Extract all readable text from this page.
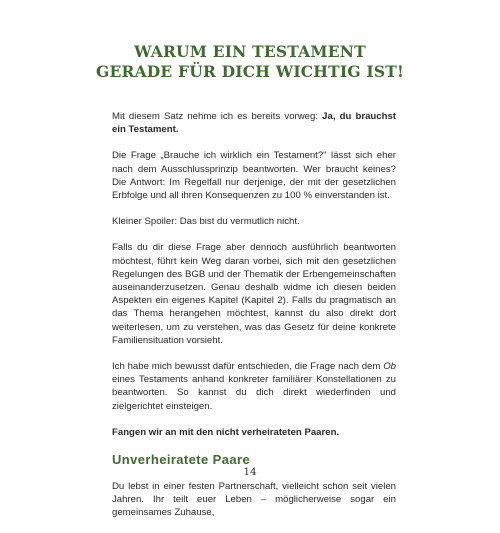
WARUM EIN TESTAMENT
GERADE FÜR DICH WICHTIG IST!

Mit diesem Satz nehme ich es bereits vorweg: Ja, du brauchst ein Testament.

Die Frage „Brauche ich wirklich ein Testament?" lässt sich eher nach dem Ausschlussprinzip beantworten. Wer braucht keines? Die Antwort: Im Regelfall nur derjenige, der mit der gesetzlichen Erbfolge und all ihren Konsequenzen zu 100 % einverstanden ist.

Kleiner Spoiler: Das bist du vermutlich nicht.

Falls du dir diese Frage aber dennoch ausführlich beantworten möchtest, führt kein Weg daran vorbei, sich mit den gesetzlichen Regelungen des BGB und der Thematik der Erbengemeinschaften auseinanderzusetzen. Genau deshalb widme ich diesen beiden Aspekten ein eigenes Kapitel (Kapitel 2). Falls du pragmatisch an das Thema herangehen möchtest, kannst du also direkt dort weiterlesen, um zu verstehen, was das Gesetz für deine konkrete Familiensituation vorsieht.

Ich habe mich bewusst dafür entschieden, die Frage nach dem Ob eines Testaments anhand konkreter familiärer Konstellationen zu beantworten. So kannst du dich direkt wiederfinden und zielgerichtet einsteigen.

Fangen wir an mit den nicht verheirateten Paaren.

Unverheiratete Paare

Du lebst in einer festen Partnerschaft, vielleicht schon seit vielen Jahren. Ihr teilt euer Leben – möglicherweise sogar ein gemeinsames Zuhause,

14
